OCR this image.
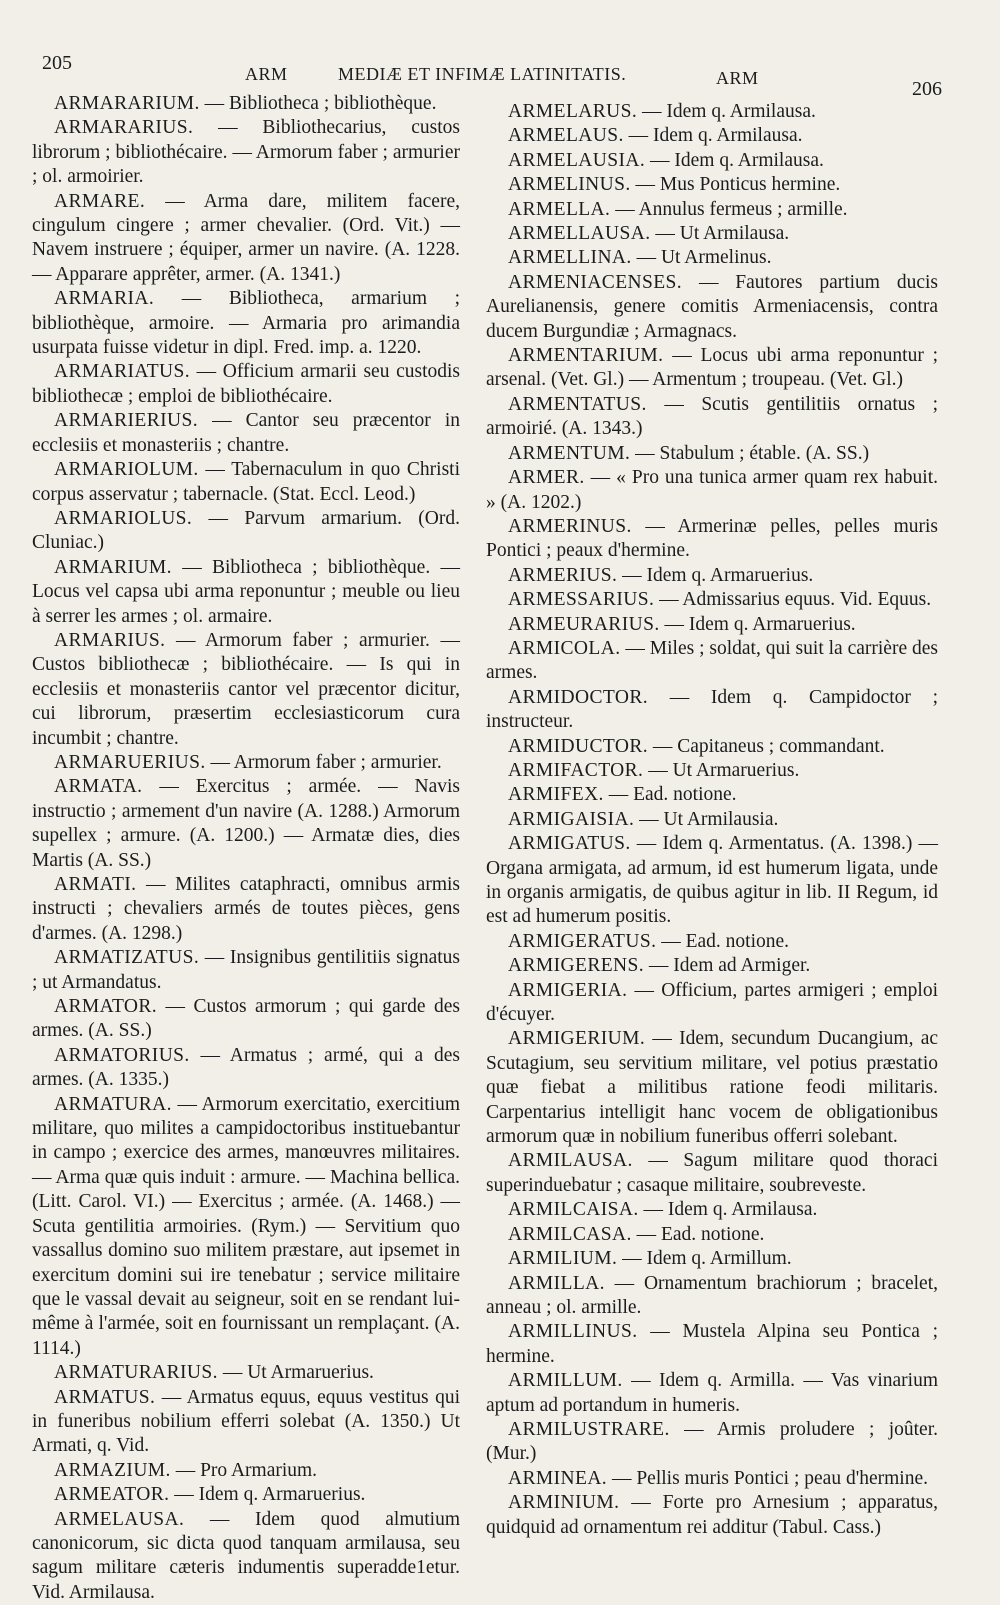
205	ARM	MEDIÆ ET INFIMÆ LATINITATIS.	ARM	206

ARMARARIUM. — Bibliotheca ; bibliothèque.

ARMARARIUS. — Bibliothecarius, custos librorum ; bibliothécaire. — Armorum faber ; armurier ; ol. armoirier.

ARMARE. — Arma dare, militem facere, cingulum cingere ; armer chevalier. (Ord. Vit.) — Navem instruere ; équiper, armer un navire. (A. 1228. — Apparare apprêter, armer. (A. 1341.)

ARMARIA. — Bibliotheca, armarium ; bibliothèque, armoire. — Armaria pro arimandia usurpata fuisse videtur in dipl. Fred. imp. a. 1220.

ARMARIATUS. — Officium armarii seu custodis bibliothecæ ; emploi de bibliothécaire.

ARMARIERIUS. — Cantor seu præcentor in ecclesiis et monasteriis ; chantre.

ARMARIOLUM. — Tabernaculum in quo Christi corpus asservatur ; tabernacle. (Stat. Eccl. Leod.)

ARMARIOLUS. — Parvum armarium. (Ord. Cluniac.)

ARMARIUM. — Bibliotheca ; bibliothèque. — Locus vel capsa ubi arma reponuntur ; meuble ou lieu à serrer les armes ; ol. armaire.

ARMARIUS. — Armorum faber ; armurier. — Custos bibliothecæ ; bibliothécaire. — Is qui in ecclesiis et monasteriis cantor vel præcentor dicitur, cui librorum, præsertim ecclesiasticorum cura incumbit ; chantre.

ARMARUERIUS. — Armorum faber ; armurier.

ARMATA. — Exercitus ; armée. — Navis instructio ; armement d'un navire (A. 1288.) Armorum supellex ; armure. (A. 1200.) — Armatæ dies, dies Martis (A. SS.)

ARMATI. — Milites cataphracti, omnibus armis instructi ; chevaliers armés de toutes pièces, gens d'armes. (A. 1298.)

ARMATIZATUS. — Insignibus gentilitiis signatus ; ut Armandatus.

ARMATOR. — Custos armorum ; qui garde des armes. (A. SS.)

ARMATORIUS. — Armatus ; armé, qui a des armes. (A. 1335.)

ARMATURA. — Armorum exercitatio, exercitium militare, quo milites a campidoctoribus instituebantur in campo ; exercice des armes, manœuvres militaires. — Arma quæ quis induit : armure. — Machina bellica. (Litt. Carol. VI.) — Exercitus ; armée. (A. 1468.) — Scuta gentilitia armoiries. (Rym.) — Servitium quo vassallus domino suo militem præstare, aut ipsemet in exercitum domini sui ire tenebatur ; service militaire que le vassal devait au seigneur, soit en se rendant lui-même à l'armée, soit en fournissant un remplaçant. (A. 1114.)

ARMATURARIUS. — Ut Armaruerius.

ARMATUS. — Armatus equus, equus vestitus qui in funeribus nobilium efferri solebat (A. 1350.) Ut Armati, q. Vid.

ARMAZIUM. — Pro Armarium.

ARMEATOR. — Idem q. Armaruerius.

ARMELAUSA. — Idem quod almutium canonicorum, sic dicta quod tanquam armilausa, seu sagum militare cæteris indumentis superadde1etur. Vid. Armilausa.

ARMELARUS. — Idem q. Armilausa.

ARMELAUS. — Idem q. Armilausa.

ARMELAUSIA. — Idem q. Armilausa.

ARMELINUS. — Mus Ponticus hermine.

ARMELLA. — Annulus fermeus ; armille.

ARMELLAUSA. — Ut Armilausa.

ARMELLINA. — Ut Armelinus.

ARMENIACENSES. — Fautores partium ducis Aurelianensis, genere comitis Armeniacensis, contra ducem Burgundiæ ; Armagnacs.

ARMENTARIUM. — Locus ubi arma reponuntur ; arsenal. (Vet. Gl.) — Armentum ; troupeau. (Vet. Gl.)

ARMENTATUS. — Scutis gentilitiis ornatus ; armoirié. (A. 1343.)

ARMENTUM. — Stabulum ; étable. (A. SS.)

ARMER. — « Pro una tunica armer quam rex habuit. » (A. 1202.)

ARMERINUS. — Armerinæ pelles, pelles muris Pontici ; peaux d'hermine.

ARMERIUS. — Idem q. Armaruerius.

ARMESSARIUS. — Admissarius equus. Vid. Equus.

ARMEURARIUS. — Idem q. Armaruerius.

ARMICOLA. — Miles ; soldat, qui suit la carrière des armes.

ARMIDOCTOR. — Idem q. Campidoctor ; instructeur.

ARMIDUCTOR. — Capitaneus ; commandant.

ARMIFACTOR. — Ut Armaruerius.

ARMIFEX. — Ead. notione.

ARMIGAISIA. — Ut Armilausia.

ARMIGATUS. — Idem q. Armentatus. (A. 1398.) — Organa armigata, ad armum, id est humerum ligata, unde in organis armigatis, de quibus agitur in lib. II Regum, id est ad humerum positis.

ARMIGERATUS. — Ead. notione.

ARMIGERENS. — Idem ad Armiger.

ARMIGERIA. — Officium, partes armigeri ; emploi d'écuyer.

ARMIGERIUM. — Idem, secundum Ducangium, ac Scutagium, seu servitium militare, vel potius præstatio quæ fiebat a militibus ratione feodi militaris. Carpentarius intelligit hanc vocem de obligationibus armorum quæ in nobilium funeribus offerri solebant.

ARMILAUSA. — Sagum militare quod thoraci superinduebatur ; casaque militaire, soubreveste.

ARMILCAISA. — Idem q. Armilausa.

ARMILCASA. — Ead. notione.

ARMILIUM. — Idem q. Armillum.

ARMILLA. — Ornamentum brachiorum ; bracelet, anneau ; ol. armille.

ARMILLINUS. — Mustela Alpina seu Pontica ; hermine.

ARMILLUM. — Idem q. Armilla. — Vas vinarium aptum ad portandum in humeris.

ARMILUSTRARE. — Armis proludere ; joûter. (Mur.)

ARMINEA. — Pellis muris Pontici ; peau d'hermine.

ARMINIUM. — Forte pro Arnesium ; apparatus, quidquid ad ornamentum rei additur (Tabul. Cass.)
